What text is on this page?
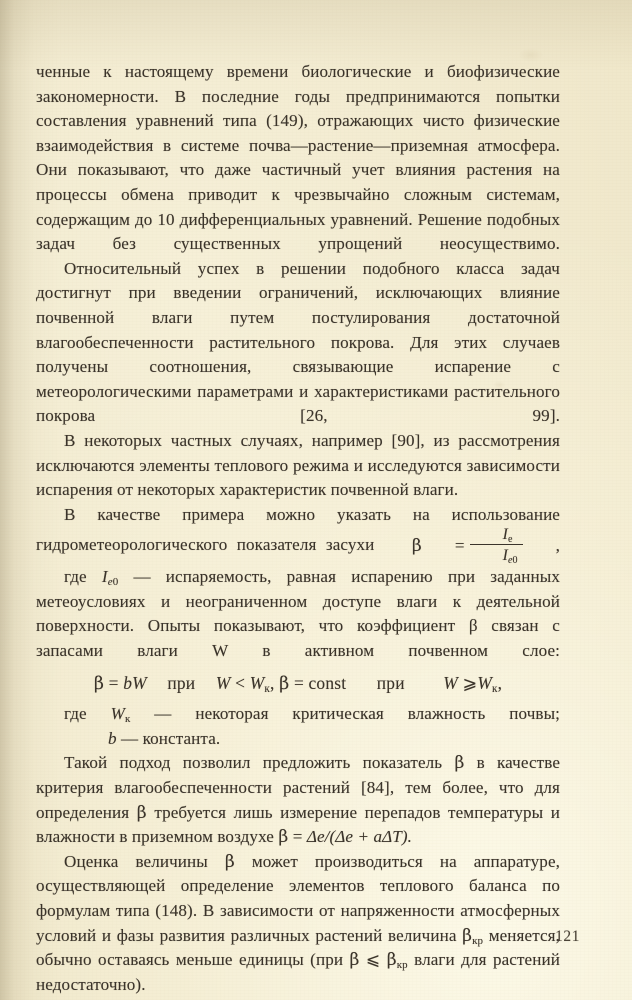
ченные к настоящему времени биологические и биофизические закономерности. В последние годы предпринимаются попытки составления уравнений типа (149), отражающих чисто физические взаимодействия в системе почва—растение—приземная атмосфера. Они показывают, что даже частичный учет влияния растения на процессы обмена приводит к чрезвычайно сложным системам, содержащим до 10 дифференциальных уравнений. Решение подобных задач без существенных упрощений неосуществимо.

Относительный успех в решении подобного класса задач достигнут при введении ограничений, исключающих влияние почвенной влаги путем постулирования достаточной влагообеспеченности растительного покрова. Для этих случаев получены соотношения, связывающие испарение с метеорологическими параметрами и характеристиками растительного покрова [26, 99].

В некоторых частных случаях, например [90], из рассмотрения исключаются элементы теплового режима и исследуются зависимости испарения от некоторых характеристик почвенной влаги.

В качестве примера можно указать на использование гидрометеорологического показателя засухи	β	= $\frac{I_e}{I_{e0}}$	,

где $I_{e0}$ — испаряемость, равная испарению при заданных метеоусловиях и неограниченном доступе влаги к деятельной поверхности. Опыты показывают, что коэффициент β связан с запасами влаги W в активном почвенном слое:

β = bW при $W < W_к$, β = const при W $⩾W_к$,

где $W_к$ — некоторая критическая влажность почвы;

b — константа.

Такой подход позволил предложить показатель β в качестве критерия влагообеспеченности растений [84], тем более, что для определения β требуется лишь измерение перепадов температуры и влажности в приземном воздухе β = Δe/(Δe + aΔT).

Оценка величины β может производиться на аппаратуре, осуществляющей определение элементов теплового баланса по формулам типа (148). В зависимости от напряженности атмосферных условий и фазы развития различных растений величина $\beta_{кр}$ меняется, обычно оставаясь меньше единицы (при β ⩽ $\beta_{кр}$ влаги для растений недостаточно).

121
